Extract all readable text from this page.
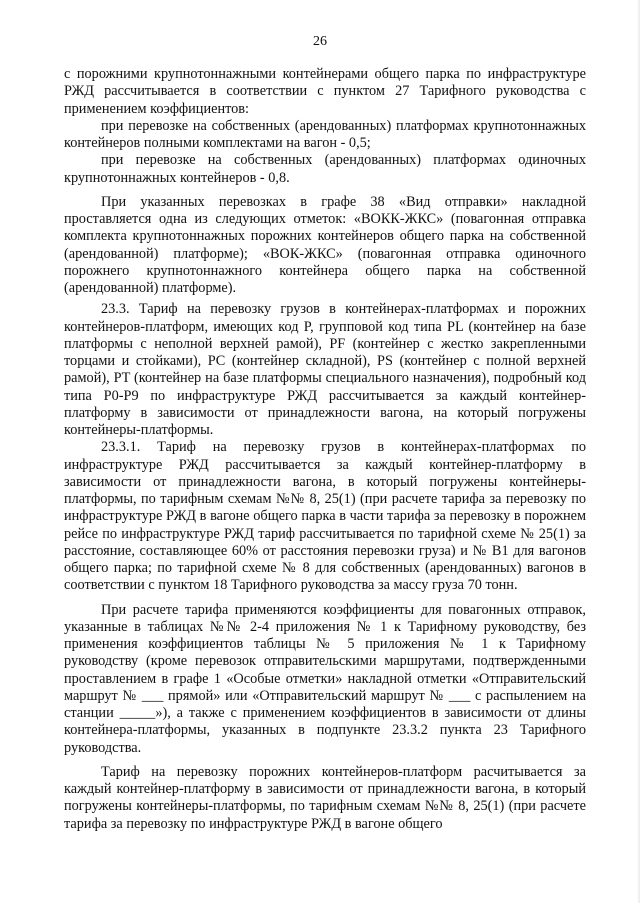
26

с порожними крупнотоннажными контейнерами общего парка по инфраструктуре РЖД рассчитывается в соответствии с пунктом 27 Тарифного руководства с применением коэффициентов:

при перевозке на собственных (арендованных) платформах крупнотоннажных контейнеров полными комплектами на вагон - 0,5;

при перевозке на собственных (арендованных) платформах одиночных крупнотоннажных контейнеров - 0,8.

При указанных перевозках в графе 38 «Вид отправки» накладной проставляется одна из следующих отметок: «ВОКК-ЖКС» (повагонная отправка комплекта крупнотоннажных порожних контейнеров общего парка на собственной (арендованной) платформе); «ВОК-ЖКС» (повагонная отправка одиночного порожнего крупнотоннажного контейнера общего парка на собственной (арендованной) платформе).

23.3. Тариф на перевозку грузов в контейнерах-платформах и порожних контейнеров-платформ, имеющих код P, групповой код типа PL (контейнер на базе платформы с неполной верхней рамой), PF (контейнер с жестко закрепленными торцами и стойками), PC (контейнер складной), PS (контейнер с полной верхней рамой), PT (контейнер на базе платформы специального назначения), подробный код типа P0-P9 по инфраструктуре РЖД рассчитывается за каждый контейнер-платформу в зависимости от принадлежности вагона, на который погружены контейнеры-платформы.

23.3.1. Тариф на перевозку грузов в контейнерах-платформах по инфраструктуре РЖД рассчитывается за каждый контейнер-платформу в зависимости от принадлежности вагона, в который погружены контейнеры-платформы, по тарифным схемам №№ 8, 25(1) (при расчете тарифа за перевозку по инфраструктуре РЖД в вагоне общего парка в части тарифа за перевозку в порожнем рейсе по инфраструктуре РЖД тариф рассчитывается по тарифной схеме № 25(1) за расстояние, составляющее 60% от расстояния перевозки груза) и № В1 для вагонов общего парка; по тарифной схеме № 8 для собственных (арендованных) вагонов в соответствии с пунктом 18 Тарифного руководства за массу груза 70 тонн.

При расчете тарифа применяются коэффициенты для повагонных отправок, указанные в таблицах №№ 2-4 приложения № 1 к Тарифному руководству, без применения коэффициентов таблицы № 5 приложения № 1 к Тарифному руководству (кроме перевозок отправительскими маршрутами, подтвержденными проставлением в графе 1 «Особые отметки» накладной отметки «Отправительский маршрут № ___ прямой» или «Отправительский маршрут № ___ с распылением на станции _____»), а также с применением коэффициентов в зависимости от длины контейнера-платформы, указанных в подпункте 23.3.2 пункта 23 Тарифного руководства.

Тариф на перевозку порожних контейнеров-платформ расчитывается за каждый контейнер-платформу в зависимости от принадлежности вагона, в который погружены контейнеры-платформы, по тарифным схемам №№ 8, 25(1) (при расчете тарифа за перевозку по инфраструктуре РЖД в вагоне общего
